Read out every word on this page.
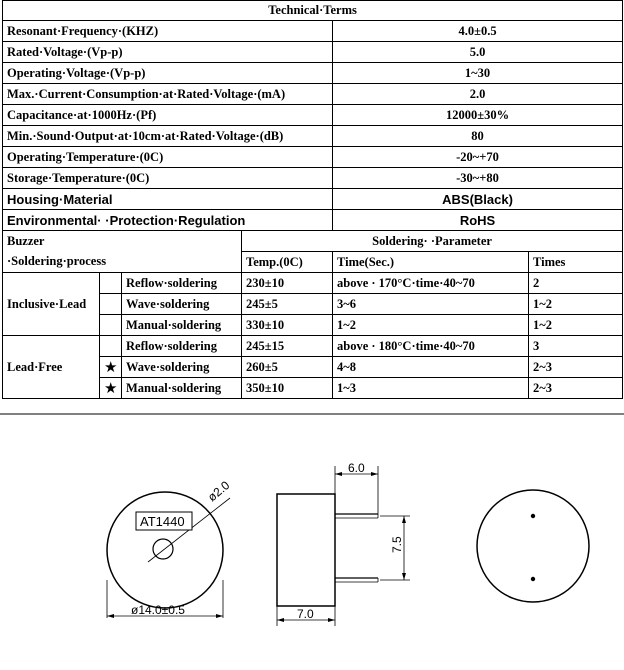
Technical·Terms					
Resonant·Frequency·(KHZ)				4.0±0.5	
Rated·Voltage·(Vp-p)				5.0	
Operating·Voltage·(Vp-p)				1~30	
Max.·Current·Consumption·at·Rated·Voltage·(mA)				2.0	
Capacitance·at·1000Hz·(Pf)				12000±30%	
Min.·Sound·Output·at·10cm·at·Rated·Voltage·(dB)				80	
Operating·Temperature·(0C)				-20~+70	
Storage·Temperature·(0C)				-30~+80	
Housing·Material				ABS(Black)	
Environmental· ·Protection·Regulation				RoHS	
Buzzer			Soldering· ·Parameter		
·Soldering·process			Temp.(0C)	Time(Sec.)	Times
Inclusive·Lead		Reflow·soldering	230±10	above · 170°C·time·40~70	2
		Wave·soldering	245±5	3~6	1~2
		Manual·soldering	330±10	1~2	1~2
Lead·Free		Reflow·soldering	245±15	above · 180°C·time·40~70	3
	★	Wave·soldering	260±5	4~8	2~3
	★	Manual·soldering	350±10	1~3	2~3
ø2.0
AT1440
ø14.0±0.5
6.0
7.5
7.0
